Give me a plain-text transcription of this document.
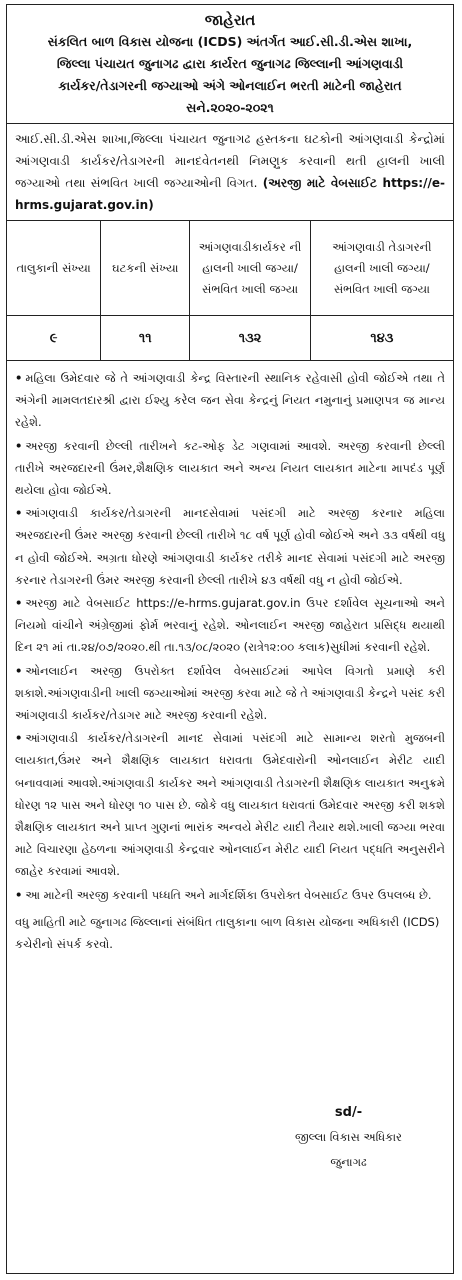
જાહેરાત
સંકલિત બાળ વિકાસ યોજના (ICDS) અંતર્ગત આઈ.સી.ડી.એસ શાખા,
જિલ્લા પંચાયત જુનાગઢ દ્વારા કાર્યરત જુનાગઢ જિલ્લાની આંગણવાડી
કાર્યકર/તેડાગરની જગ્યાઓ અંગે ઓનલાઈન ભરતી માટેની જાહેરાત
સને.૨૦૨૦-૨૦૨૧
આઈ.સી.ડી.એસ શાખા,જિલ્લા પંચાયત જુનાગઢ હસ્તકના ઘટકોની આંગણવાડી કેન્દ્રોમાં આંગણવાડી કાર્યકર/તેડાગરની માનદવેતનથી નિમણુક કરવાની થતી હાલની ખાલી જગ્યાઓ તથા સંભવિત ખાલી જગ્યાઓની વિગત. (અરજી માટે વેબસાઈટ https://e-hrms.gujarat.gov.in)
તાલુકાની સંખ્યા	ઘટકની સંખ્યા	આંગણવાડીકાર્યકર ની હાલની ખાલી જગ્યા/સંભવિત ખાલી જગ્યા	આંગણવાડી તેડાગરની હાલની ખાલી જગ્યા/ સંભવિત ખાલી જગ્યા
૯	૧૧	૧૩૨	૧૪૩
• મહિલા ઉમેદવાર જે તે આંગણવાડી કેન્દ્ર વિસ્તારની સ્થાનિક રહેવાસી હોવી જોઈએ તથા તે અંગેની મામલતદારશ્રી દ્વારા ઈશ્યુ કરેલ જન સેવા કેન્દ્રનું નિયત નમુનાનું પ્રમાણપત્ર જ માન્ય રહેશે.
• અરજી કરવાની છેલ્લી તારીખને કટ-ઓફ ડેટ ગણવામાં આવશે. અરજી કરવાની છેલ્લી તારીખે અરજદારની ઉંમર,શૈક્ષણિક લાયકાત અને અન્ય નિયત લાયકાત માટેના માપદંડ પૂર્ણ થયેલા હોવા જોઈએ.
• આંગણવાડી કાર્યકર/તેડાગરની માનદસેવામાં પસંદગી માટે અરજી કરનાર મહિલા અરજદારની ઉંમર અરજી કરવાની છેલ્લી તારીખે ૧૮ વર્ષ પૂર્ણ હોવી જોઈએ અને ૩૩ વર્ષથી વધુ ન હોવી જોઈએ. અગ્રતા ધોરણે આંગણવાડી કાર્યકર તરીકે માનદ સેવામાં પસંદગી માટે અરજી કરનાર તેડાગરની ઉંમર અરજી કરવાની છેલ્લી તારીખે ૪૩ વર્ષથી વધુ ન હોવી જોઈએ.
• અરજી માટે વેબસાઈટ https://e-hrms.gujarat.gov.in ઉપર દર્શાવેલ સૂચનાઓ અને નિયમો વાંચીને અંગ્રેજીમાં ફોર્મ ભરવાનું રહેશે. ઓનલાઈન અરજી જાહેરાત પ્રસિદ્ધ થયાથી દિન ૨૧ માં તા.૨૪/૦૭/૨૦૨૦.થી તા.૧૩/૦૮/૨૦૨૦ (રાત્રે૧૨:૦૦ કલાક)સુધીમાં કરવાની રહેશે.
• ઓનલાઈન અરજી ઉપરોક્ત દર્શાવેલ વેબસાઈટમાં આપેલ વિગતો પ્રમાણે કરી શકાશે.આંગણવાડીની ખાલી જગ્યાઓમાં અરજી કરવા માટે જે તે આંગણવાડી કેન્દ્રને પસંદ કરી આંગણવાડી કાર્યકર/તેડાગર માટે અરજી કરવાની રહેશે.
• આંગણવાડી કાર્યકર/તેડાગરની માનદ સેવામાં પસંદગી માટે સામાન્ય શરતો મુજબની લાયકાત,ઉંમર અને શૈક્ષણિક લાયકાત ધરાવતા ઉમેદવારોની ઓનલાઈન મેરીટ યાદી બનાવવામાં આવશે.આંગણવાડી કાર્યકર અને આંગણવાડી તેડાગરની શૈક્ષણિક લાયકાત અનુક્રમે ધોરણ ૧૨ પાસ અને ધોરણ ૧૦ પાસ છે. જોકે વધુ લાયકાત ધરાવતાં ઉમેદવાર અરજી કરી શકશે શૈક્ષણિક લાયકાત અને પ્રાપ્ત ગુણનાં ભારાંક અન્વયે મેરીટ યાદી તૈયાર થશે.ખાલી જગ્યા ભરવા માટે વિચારણા હેઠળના આંગણવાડી કેન્દ્રવાર ઓનલાઈન મેરીટ યાદી નિયત પદ્ધતિ અનુસરીને જાહેર કરવામાં આવશે.
• આ માટેની અરજી કરવાની પધ્ધતિ અને માર્ગદર્શિકા ઉપરોક્ત વેબસાઈટ ઉપર ઉપલબ્ધ છે.
વધુ માહિતી માટે જુનાગઢ જિલ્લાનાં સંબંધિત તાલુકાના બાળ વિકાસ યોજના અધિકારી (ICDS) કચેરીનો સંપર્ક કરવો.
sd/-
જીલ્લા વિકાસ અધિકાર
જુનાગઢ
